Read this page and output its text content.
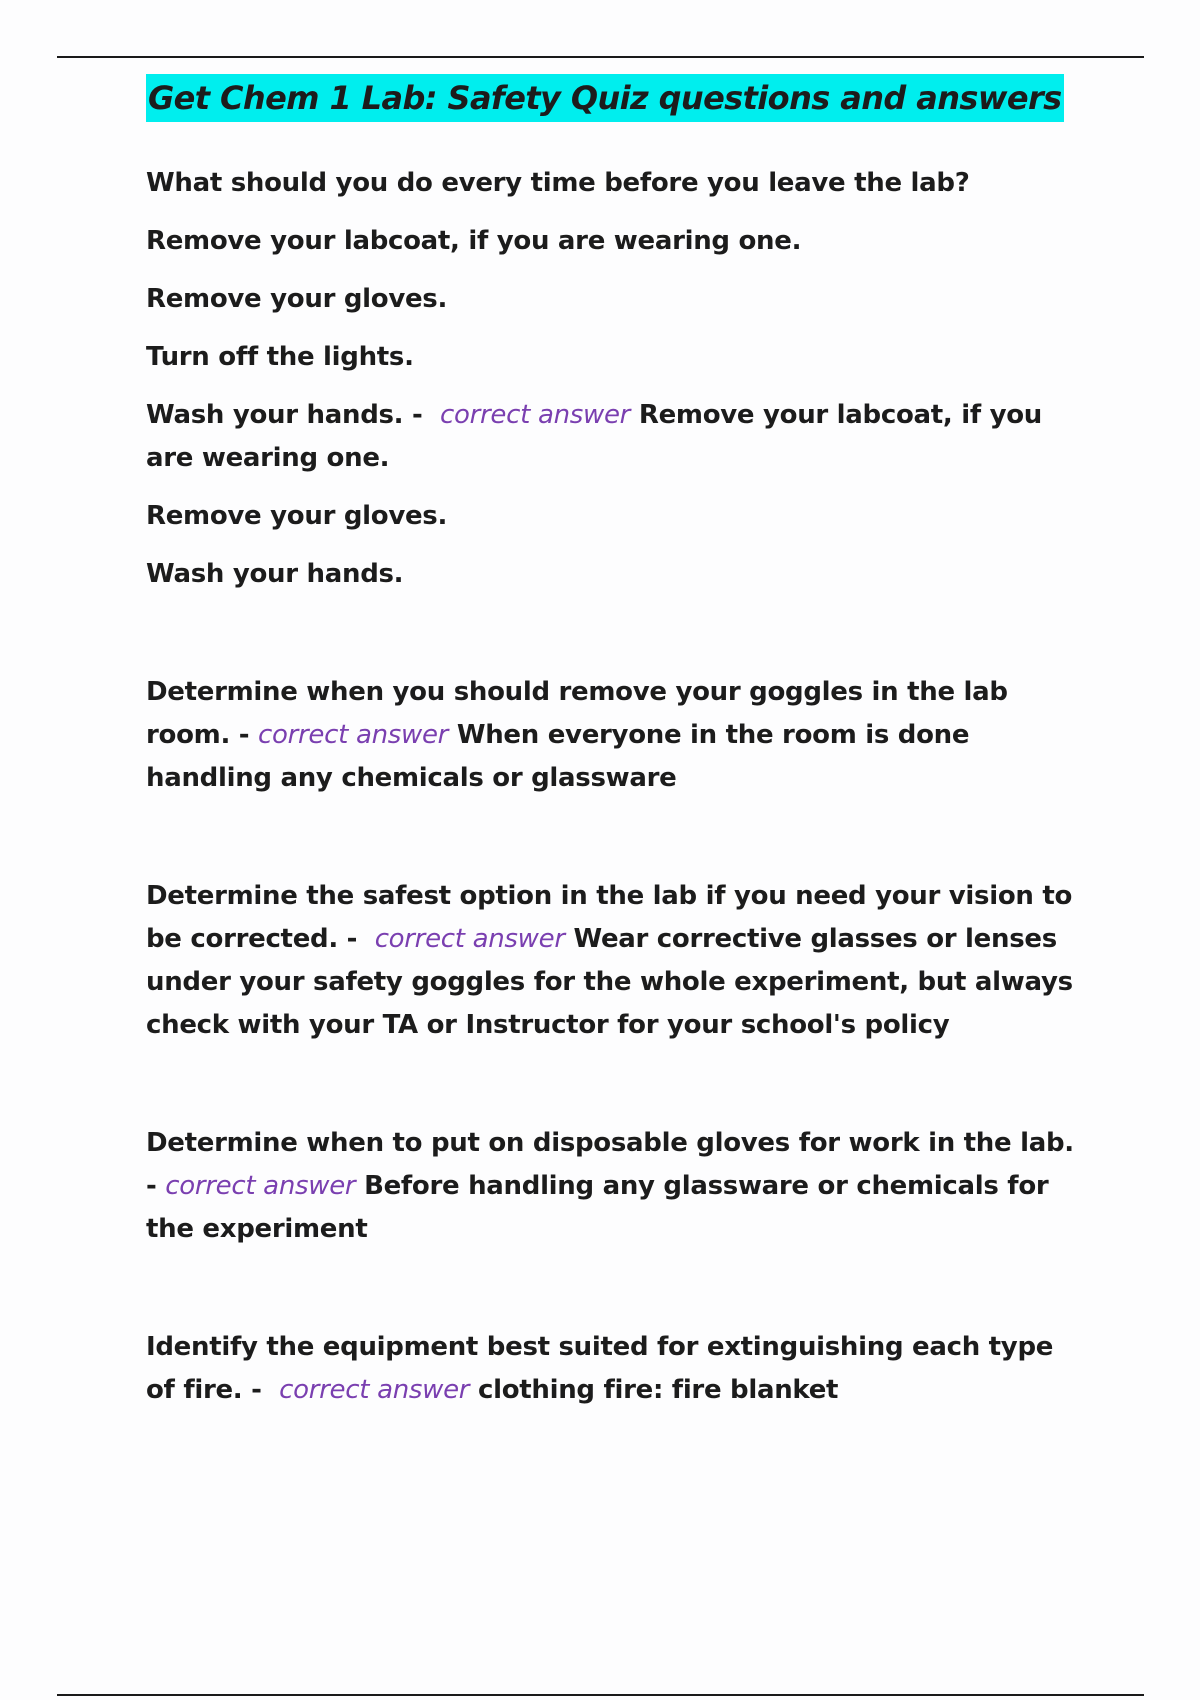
Get Chem 1 Lab: Safety Quiz questions and answers

What should you do every time before you leave the lab?

Remove your labcoat, if you are wearing one.

Remove your gloves.

Turn off the lights.

Wash your hands. -  correct answer Remove your labcoat, if you are wearing one.

Remove your gloves.

Wash your hands.

Determine when you should remove your goggles in the lab room. - correct answer When everyone in the room is done handling any chemicals or glassware

Determine the safest option in the lab if you need your vision to be corrected. -  correct answer Wear corrective glasses or lenses under your safety goggles for the whole experiment, but always check with your TA or Instructor for your school's policy

Determine when to put on disposable gloves for work in the lab. - correct answer Before handling any glassware or chemicals for the experiment

Identify the equipment best suited for extinguishing each type of fire. -  correct answer clothing fire: fire blanket
